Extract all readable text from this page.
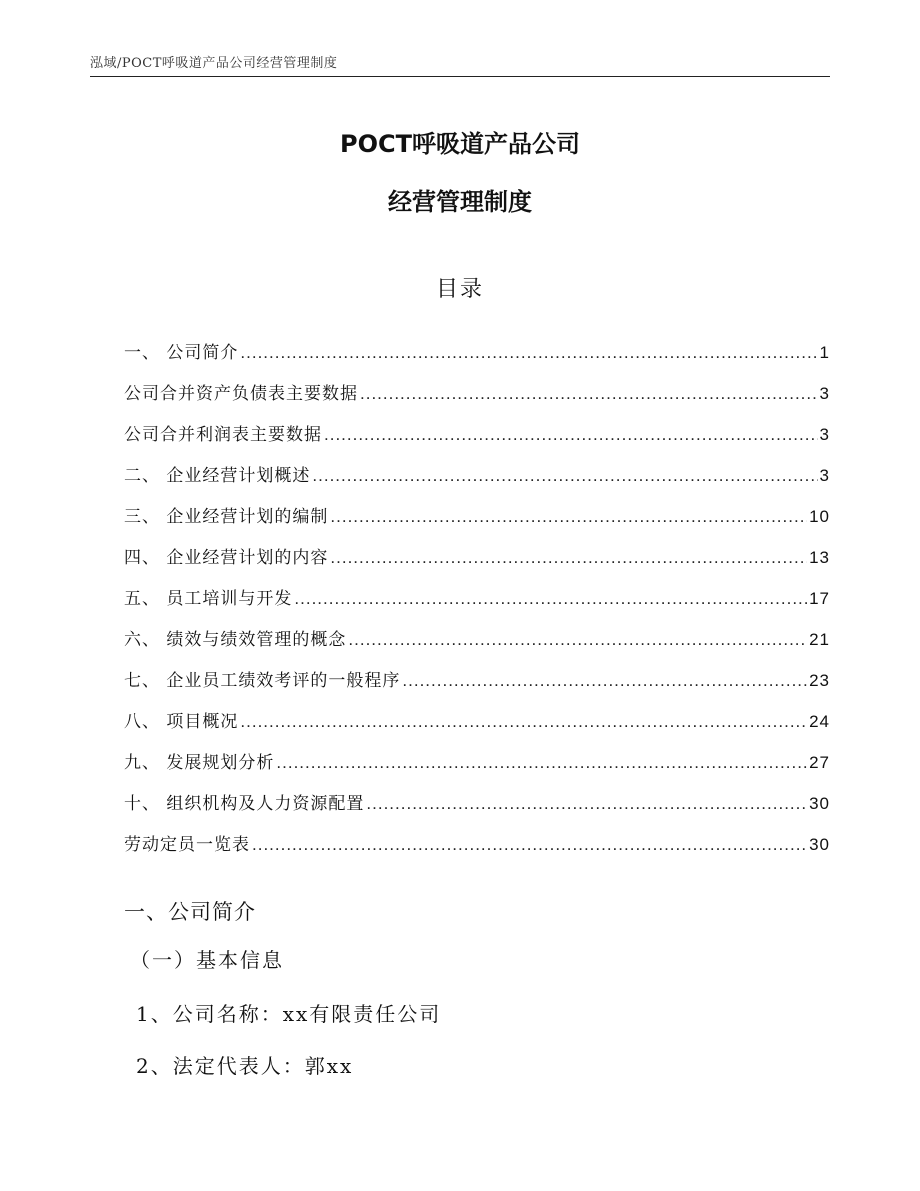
泓域/POCT呼吸道产品公司经营管理制度
POCT呼吸道产品公司
经营管理制度
目录
一、 公司简介 .....	1
公司合并资产负债表主要数据 .....	3
公司合并利润表主要数据 .....	3
二、 企业经营计划概述 .....	3
三、 企业经营计划的编制 .....	10
四、 企业经营计划的内容 .....	13
五、 员工培训与开发 .....	17
六、 绩效与绩效管理的概念 .....	21
七、 企业员工绩效考评的一般程序 .....	23
八、 项目概况 .....	24
九、 发展规划分析 .....	27
十、 组织机构及人力资源配置 .....	30
劳动定员一览表 .....	30
一、公司简介
（一）基本信息
1、公司名称：xx有限责任公司
2、法定代表人：郭xx
